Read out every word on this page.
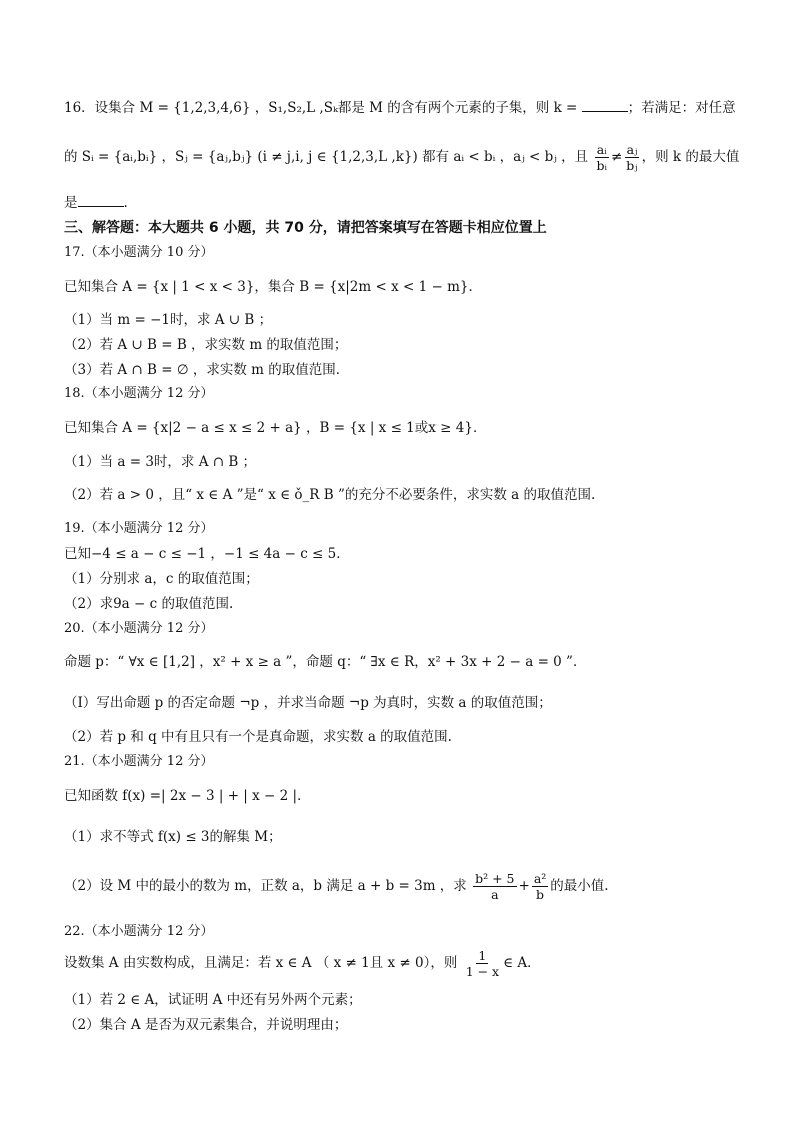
16．设集合 M = {1,2,3,4,6} ，S₁,S₂,L ,Sₖ都是 M 的含有两个元素的子集，则 k =	；若满足：对任意
的 Sᵢ = {aᵢ,bᵢ} ，Sⱼ = {aⱼ,bⱼ} (i ≠ j,i, j ∈ {1,2,3,L ,k}) 都有 aᵢ < bᵢ ，aⱼ < bⱼ ，且 $\frac{\text{aᵢ}}{\text{bᵢ}} \ne \frac{\text{aⱼ}}{\text{bⱼ}}$ ，则 k 的最大值
是	.
三、解答题：本大题共 6 小题，共 70 分，请把答案填写在答题卡相应位置上
17.（本小题满分 10 分）
已知集合 A = {x | 1 < x < 3}，集合 B = {x|2m < x < 1 − m}．
（1）当 m = −1时，求 A ∪ B ；
（2）若 A ∪ B = B ，求实数 m 的取值范围；
（3）若 A ∩ B = ∅ ，求实数 m 的取值范围．
18.（本小题满分 12 分）
已知集合 A = {x|2 − a ≤ x ≤ 2 + a} ，B = {x | x ≤ 1或x ≥ 4}．
（1）当 a = 3时，求 A ∩ B ；
（2）若 a > 0 ，且“ x ∈ A ”是“ x ∈ ǒ_R B ”的充分不必要条件，求实数 a 的取值范围.
19.（本小题满分 12 分）
已知−4 ≤ a − c ≤ −1 ，−1 ≤ 4a − c ≤ 5．
（1）分别求 a，c 的取值范围；
（2）求9a − c 的取值范围.
20.（本小题满分 12 分）
命题 p：“ ∀x ∈ [1,2] ，x² + x ≥ a ”，命题 q：“ ∃x ∈ R，x² + 3x + 2 − a = 0 ”．
（I）写出命题 p 的否定命题 ¬p ，并求当命题 ¬p 为真时，实数 a 的取值范围；
（2）若 p 和 q 中有且只有一个是真命题，求实数 a 的取值范围.
21.（本小题满分 12 分）
已知函数 f(x) =| 2x − 3 | + | x − 2 |．
（1）求不等式 f(x) ≤ 3的解集 M；
（2）设 M 中的最小的数为 m，正数 a，b 满足 a + b = 3m ，求 $\frac{\text{b² + 5}}{a} + \frac{\text{a²}}{b}$ 的最小值.
22.（本小题满分 12 分）
设数集 A 由实数构成，且满足：若 x ∈ A （ x ≠ 1且 x ≠ 0），则 $\frac{1}{1 - x}$ ∈ A．
（1）若 2 ∈ A，试证明 A 中还有另外两个元素；
（2）集合 A 是否为双元素集合，并说明理由；
